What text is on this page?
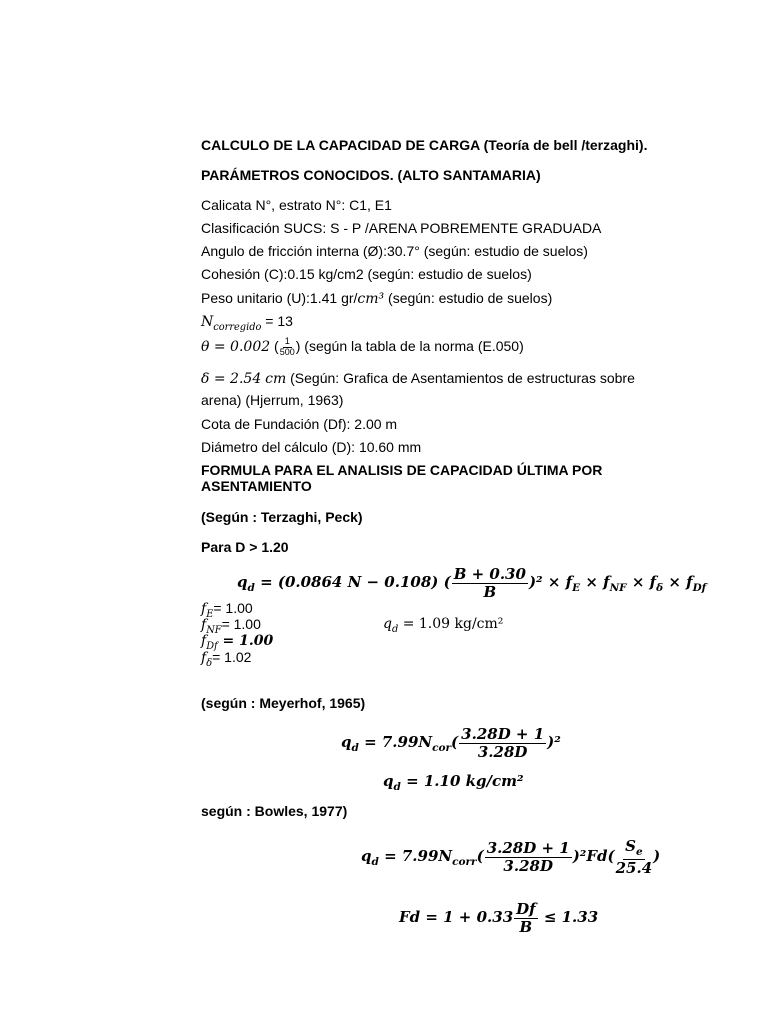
CALCULO DE LA CAPACIDAD DE CARGA (Teoría de bell /terzaghi).
PARÁMETROS CONOCIDOS. (ALTO SANTAMARIA)
Calicata N°, estrato N°: C1, E1
Clasificación SUCS: S - P /ARENA POBREMENTE GRADUADA
Angulo de fricción interna (Ø):30.7° (según: estudio de suelos)
Cohesión (C):0.15 kg/cm2 (según: estudio de suelos)
Peso unitario (U):1.41 gr/cm³ (según: estudio de suelos)
$N_{corregido} = 13$
θ = 0.002 ( $\frac{1}{500}$ ) (según la tabla de la norma (E.050)
δ = 2.54 cm (Según: Grafica de Asentamientos de estructuras sobre
arena) (Hjerrum, 1963)
Cota de Fundación (Df): 2.00 m
Diámetro del cálculo (D): 10.60 mm
FORMULA PARA EL ANALISIS DE CAPACIDAD ÚLTIMA POR
ASENTAMIENTO
(Según : Terzaghi, Peck)
Para D > 1.20
$q_d = (0.0864$ N − 0.108) ( $\frac{B + 0.30}{B} )^2 \times f_E \times f_{NF} \times f_\delta \times f_{Df}$
$f_E= 1.00$
$f_{NF}= 1.00$
$f_{Df} = 1.00$
$f_\delta= 1.02$
$q_d = 1.09$ kg/cm²
(según : Meyerhof, 1965)
$q_d = 7.99N_{cor}( \frac{3.28D + 1}{3.28D} )^2$
$q_d = 1.10$ kg/cm²
según : Bowles, 1977)
$q_d = 7.99N_{corr}( \frac{3.28D + 1}{3.28D} )^2Fd( \frac{S_e}{25.4}$ )
$Fd = 1 + 0.33 \frac{Df}{B} \le 1.33$
